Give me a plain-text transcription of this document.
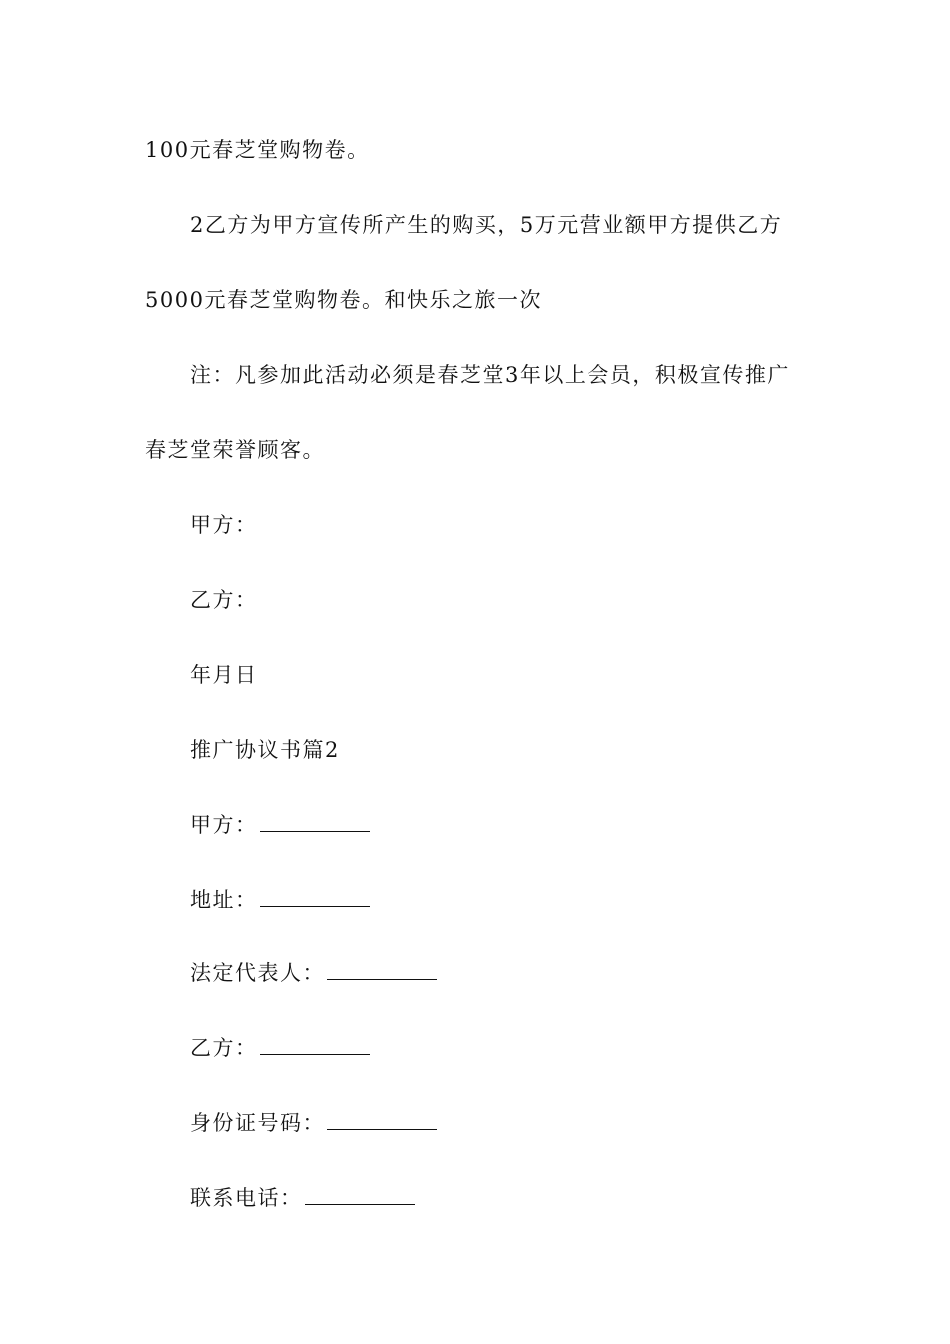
100元春芝堂购物卷。
2乙方为甲方宣传所产生的购买，5万元营业额甲方提供乙方
5000元春芝堂购物卷。和快乐之旅一次
注：凡参加此活动必须是春芝堂3年以上会员，积极宣传推广
春芝堂荣誉顾客。
甲方：
乙方：
年月日
推广协议书篇2
甲方：
地址：
法定代表人：
乙方：
身份证号码：
联系电话：
